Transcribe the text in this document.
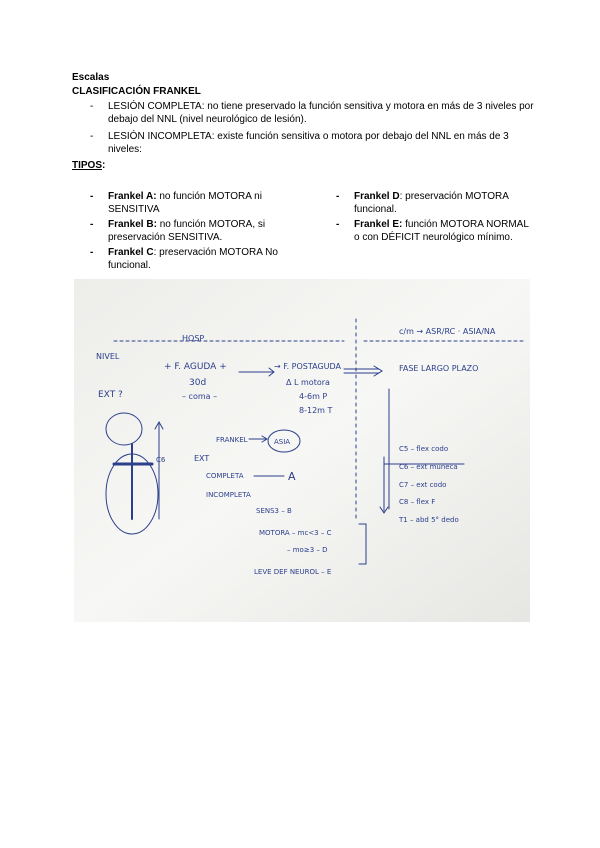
Escalas
CLASIFICACIÓN FRANKEL
- LESIÓN COMPLETA: no tiene preservado la función sensitiva y motora en más de 3 niveles por debajo del NNL (nivel neurológico de lesión).
- LESIÓN INCOMPLETA: existe función sensitiva o motora por debajo del NNL en más de 3 niveles:
TIPOS:
- Frankel A: no función MOTORA ni SENSITIVA
- Frankel B: no función MOTORA, si preservación SENSITIVA.
- Frankel C: preservación MOTORA No funcional.
- Frankel D: preservación MOTORA funcional.
- Frankel E: función MOTORA NORMAL o con DÉFICIT neurológico mínimo.
HOSP
c/m → ASR/RC · ASIA/NA
NIVEL
+ F. AGUDA +
30d
– coma –
→ F. POSTAGUDA
Δ L motora
4-6m P
8-12m T
FASE LARGO PLAZO
EXT ?
FRANKEL	ASIA
C6	EXT
COMPLETA	A
INCOMPLETA
SENS3 – B
MOTORA – mc<3 – C
– mo≥3 – D
LEVE DEF NEUROL – E
C5 – flex codo
C6 – ext muñeca
C7 – ext codo
C8 – flex F
T1 – abd 5° dedo
